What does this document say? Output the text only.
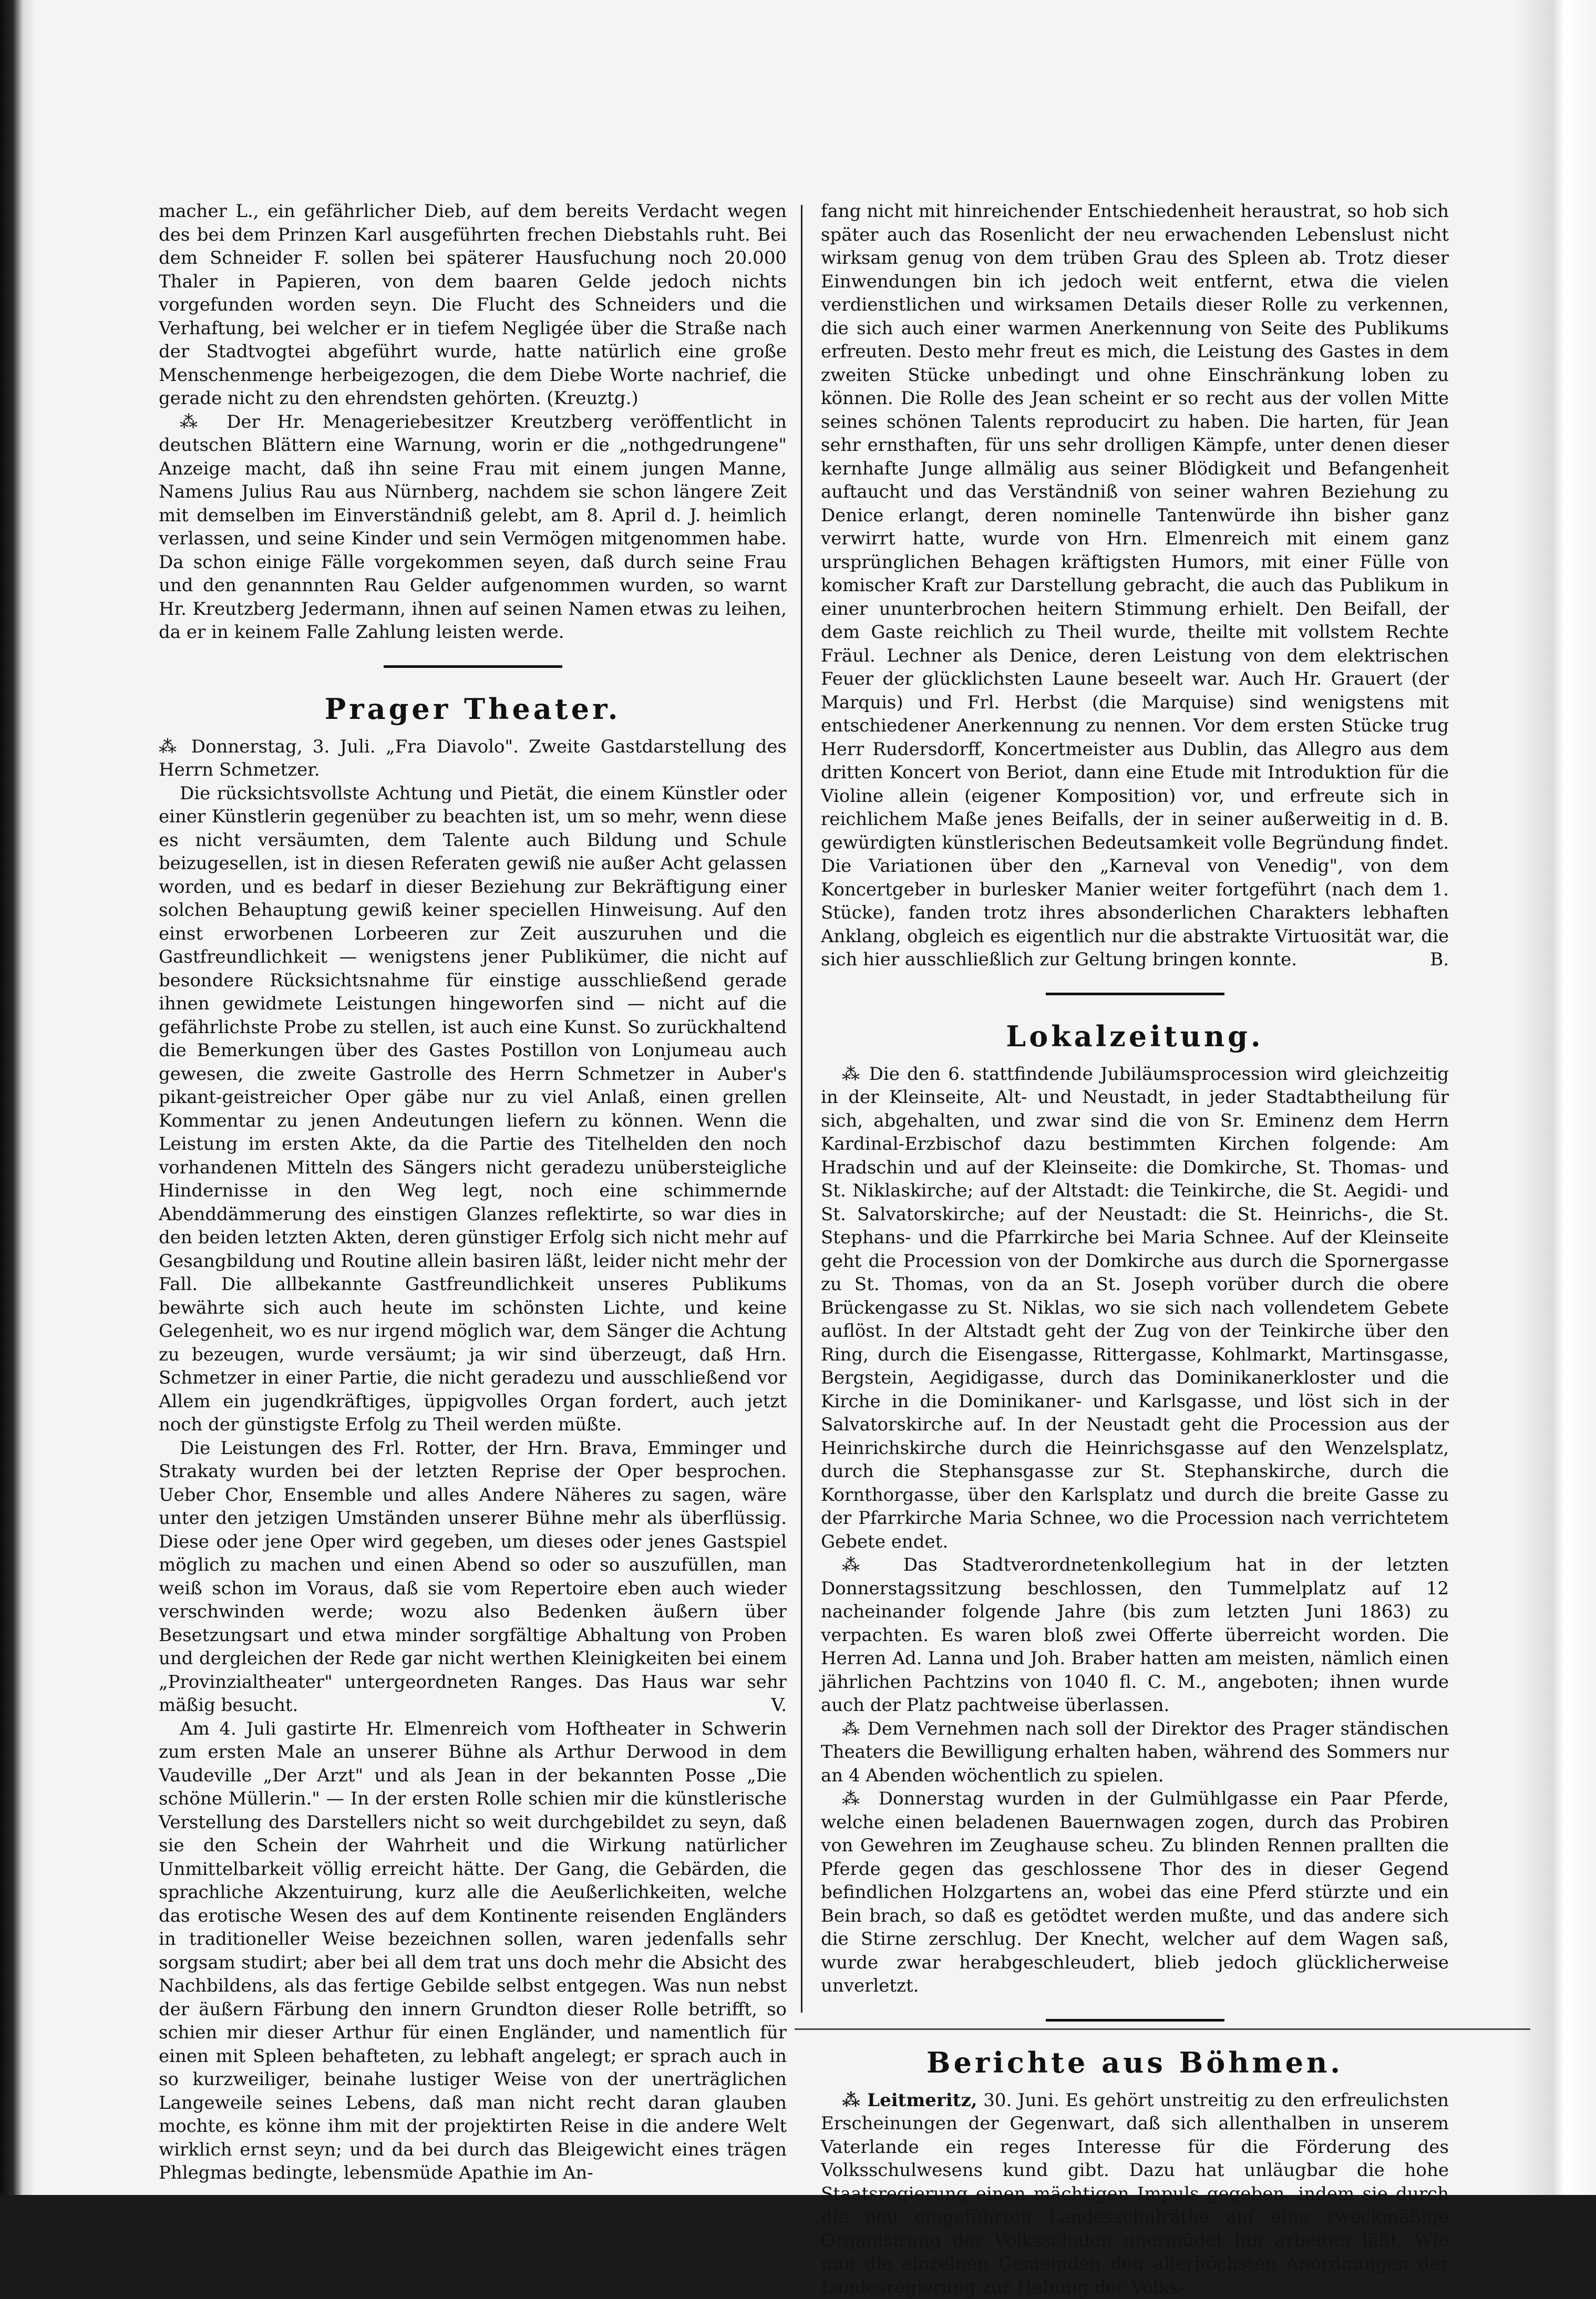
macher L., ein gefährlicher Dieb, auf dem bereits Verdacht wegen des bei dem Prinzen Karl ausgeführten frechen Diebstahls ruht. Bei dem Schneider F. sollen bei späterer Hausfuchung noch 20.000 Thaler in Papieren, von dem baaren Gelde jedoch nichts vorgefunden worden seyn. Die Flucht des Schneiders und die Verhaftung, bei welcher er in tiefem Negligée über die Straße nach der Stadtvogtei abgeführt wurde, hatte natürlich eine große Menschenmenge herbeigezogen, die dem Diebe Worte nachrief, die gerade nicht zu den ehrendsten gehörten. (Kreuztg.)

⁂ Der Hr. Menageriebesitzer Kreutzberg veröffentlicht in deutschen Blättern eine Warnung, worin er die „nothgedrungene" Anzeige macht, daß ihn seine Frau mit einem jungen Manne, Namens Julius Rau aus Nürnberg, nachdem sie schon längere Zeit mit demselben im Einverständniß gelebt, am 8. April d. J. heimlich verlassen, und seine Kinder und sein Vermögen mitgenommen habe. Da schon einige Fälle vorgekommen seyen, daß durch seine Frau und den genannnten Rau Gelder aufgenommen wurden, so warnt Hr. Kreutzberg Jedermann, ihnen auf seinen Namen etwas zu leihen, da er in keinem Falle Zahlung leisten werde.

Prager Theater.

⁂ Donnerstag, 3. Juli. „Fra Diavolo". Zweite Gastdarstellung des Herrn Schmetzer.

Die rücksichtsvollste Achtung und Pietät, die einem Künstler oder einer Künstlerin gegenüber zu beachten ist, um so mehr, wenn diese es nicht versäumten, dem Talente auch Bildung und Schule beizugesellen, ist in diesen Referaten gewiß nie außer Acht gelassen worden, und es bedarf in dieser Beziehung zur Bekräftigung einer solchen Behauptung gewiß keiner speciellen Hinweisung. Auf den einst erworbenen Lorbeeren zur Zeit auszuruhen und die Gastfreundlichkeit — wenigstens jener Publikümer, die nicht auf besondere Rücksichtsnahme für einstige ausschließend gerade ihnen gewidmete Leistungen hingeworfen sind — nicht auf die gefährlichste Probe zu stellen, ist auch eine Kunst. So zurückhaltend die Bemerkungen über des Gastes Postillon von Lonjumeau auch gewesen, die zweite Gastrolle des Herrn Schmetzer in Auber's pikant-geistreicher Oper gäbe nur zu viel Anlaß, einen grellen Kommentar zu jenen Andeutungen liefern zu können. Wenn die Leistung im ersten Akte, da die Partie des Titelhelden den noch vorhandenen Mitteln des Sängers nicht geradezu unübersteigliche Hindernisse in den Weg legt, noch eine schimmernde Abenddämmerung des einstigen Glanzes reflektirte, so war dies in den beiden letzten Akten, deren günstiger Erfolg sich nicht mehr auf Gesangbildung und Routine allein basiren läßt, leider nicht mehr der Fall. Die allbekannte Gastfreundlichkeit unseres Publikums bewährte sich auch heute im schönsten Lichte, und keine Gelegenheit, wo es nur irgend möglich war, dem Sänger die Achtung zu bezeugen, wurde versäumt; ja wir sind überzeugt, daß Hrn. Schmetzer in einer Partie, die nicht geradezu und ausschließend vor Allem ein jugendkräftiges, üppigvolles Organ fordert, auch jetzt noch der günstigste Erfolg zu Theil werden müßte.

Die Leistungen des Frl. Rotter, der Hrn. Brava, Emminger und Strakaty wurden bei der letzten Reprise der Oper besprochen. Ueber Chor, Ensemble und alles Andere Näheres zu sagen, wäre unter den jetzigen Umständen unserer Bühne mehr als überflüssig. Diese oder jene Oper wird gegeben, um dieses oder jenes Gastspiel möglich zu machen und einen Abend so oder so auszufüllen, man weiß schon im Voraus, daß sie vom Repertoire eben auch wieder verschwinden werde; wozu also Bedenken äußern über Besetzungsart und etwa minder sorgfältige Abhaltung von Proben und dergleichen der Rede gar nicht werthen Kleinigkeiten bei einem „Provinzialtheater" untergeordneten Ranges. Das Haus war sehr mäßig besucht.	V.

Am 4. Juli gastirte Hr. Elmenreich vom Hoftheater in Schwerin zum ersten Male an unserer Bühne als Arthur Derwood in dem Vaudeville „Der Arzt" und als Jean in der bekannten Posse „Die schöne Müllerin." — In der ersten Rolle schien mir die künstlerische Verstellung des Darstellers nicht so weit durchgebildet zu seyn, daß sie den Schein der Wahrheit und die Wirkung natürlicher Unmittelbarkeit völlig erreicht hätte. Der Gang, die Gebärden, die sprachliche Akzentuirung, kurz alle die Aeußerlichkeiten, welche das erotische Wesen des auf dem Kontinente reisenden Engländers in traditioneller Weise bezeichnen sollen, waren jedenfalls sehr sorgsam studirt; aber bei all dem trat uns doch mehr die Absicht des Nachbildens, als das fertige Gebilde selbst entgegen. Was nun nebst der äußern Färbung den innern Grundton dieser Rolle betrifft, so schien mir dieser Arthur für einen Engländer, und namentlich für einen mit Spleen behafteten, zu lebhaft angelegt; er sprach auch in so kurzweiliger, beinahe lustiger Weise von der unerträglichen Langeweile seines Lebens, daß man nicht recht daran glauben mochte, es könne ihm mit der projektirten Reise in die andere Welt wirklich ernst seyn; und da bei durch das Bleigewicht eines trägen Phlegmas bedingte, lebensmüde Apathie im An-

fang nicht mit hinreichender Entschiedenheit heraustrat, so hob sich später auch das Rosenlicht der neu erwachenden Lebenslust nicht wirksam genug von dem trüben Grau des Spleen ab. Trotz dieser Einwendungen bin ich jedoch weit entfernt, etwa die vielen verdienstlichen und wirksamen Details dieser Rolle zu verkennen, die sich auch einer warmen Anerkennung von Seite des Publikums erfreuten. Desto mehr freut es mich, die Leistung des Gastes in dem zweiten Stücke unbedingt und ohne Einschränkung loben zu können. Die Rolle des Jean scheint er so recht aus der vollen Mitte seines schönen Talents reproducirt zu haben. Die harten, für Jean sehr ernsthaften, für uns sehr drolligen Kämpfe, unter denen dieser kernhafte Junge allmälig aus seiner Blödigkeit und Befangenheit auftaucht und das Verständniß von seiner wahren Beziehung zu Denice erlangt, deren nominelle Tantenwürde ihn bisher ganz verwirrt hatte, wurde von Hrn. Elmenreich mit einem ganz ursprünglichen Behagen kräftigsten Humors, mit einer Fülle von komischer Kraft zur Darstellung gebracht, die auch das Publikum in einer ununterbrochen heitern Stimmung erhielt. Den Beifall, der dem Gaste reichlich zu Theil wurde, theilte mit vollstem Rechte Fräul. Lechner als Denice, deren Leistung von dem elektrischen Feuer der glücklichsten Laune beseelt war. Auch Hr. Grauert (der Marquis) und Frl. Herbst (die Marquise) sind wenigstens mit entschiedener Anerkennung zu nennen. Vor dem ersten Stücke trug Herr Rudersdorff, Koncertmeister aus Dublin, das Allegro aus dem dritten Koncert von Beriot, dann eine Etude mit Introduktion für die Violine allein (eigener Komposition) vor, und erfreute sich in reichlichem Maße jenes Beifalls, der in seiner außerweitig in d. B. gewürdigten künstlerischen Bedeutsamkeit volle Begründung findet. Die Variationen über den „Karneval von Venedig", von dem Koncertgeber in burlesker Manier weiter fortgeführt (nach dem 1. Stücke), fanden trotz ihres absonderlichen Charakters lebhaften Anklang, obgleich es eigentlich nur die abstrakte Virtuosität war, die sich hier ausschließlich zur Geltung bringen konnte.	B.

Lokalzeitung.

⁂ Die den 6. stattfindende Jubiläumsprocession wird gleichzeitig in der Kleinseite, Alt- und Neustadt, in jeder Stadtabtheilung für sich, abgehalten, und zwar sind die von Sr. Eminenz dem Herrn Kardinal-Erzbischof dazu bestimmten Kirchen folgende: Am Hradschin und auf der Kleinseite: die Domkirche, St. Thomas- und St. Niklaskirche; auf der Altstadt: die Teinkirche, die St. Aegidi- und St. Salvatorskirche; auf der Neustadt: die St. Heinrichs-, die St. Stephans- und die Pfarrkirche bei Maria Schnee. Auf der Kleinseite geht die Procession von der Domkirche aus durch die Spornergasse zu St. Thomas, von da an St. Joseph vorüber durch die obere Brückengasse zu St. Niklas, wo sie sich nach vollendetem Gebete auflöst. In der Altstadt geht der Zug von der Teinkirche über den Ring, durch die Eisengasse, Rittergasse, Kohlmarkt, Martinsgasse, Bergstein, Aegidigasse, durch das Dominikanerkloster und die Kirche in die Dominikaner- und Karlsgasse, und löst sich in der Salvatorskirche auf. In der Neustadt geht die Procession aus der Heinrichskirche durch die Heinrichsgasse auf den Wenzelsplatz, durch die Stephansgasse zur St. Stephanskirche, durch die Kornthorgasse, über den Karlsplatz und durch die breite Gasse zu der Pfarrkirche Maria Schnee, wo die Procession nach verrichtetem Gebete endet.

⁂ Das Stadtverordnetenkollegium hat in der letzten Donnerstagssitzung beschlossen, den Tummelplatz auf 12 nacheinander folgende Jahre (bis zum letzten Juni 1863) zu verpachten. Es waren bloß zwei Offerte überreicht worden. Die Herren Ad. Lanna und Joh. Braber hatten am meisten, nämlich einen jährlichen Pachtzins von 1040 fl. C. M., angeboten; ihnen wurde auch der Platz pachtweise überlassen.

⁂ Dem Vernehmen nach soll der Direktor des Prager ständischen Theaters die Bewilligung erhalten haben, während des Sommers nur an 4 Abenden wöchentlich zu spielen.

⁂ Donnerstag wurden in der Gulmühlgasse ein Paar Pferde, welche einen beladenen Bauernwagen zogen, durch das Probiren von Gewehren im Zeughause scheu. Zu blinden Rennen prallten die Pferde gegen das geschlossene Thor des in dieser Gegend befindlichen Holzgartens an, wobei das eine Pferd stürzte und ein Bein brach, so daß es getödtet werden mußte, und das andere sich die Stirne zerschlug. Der Knecht, welcher auf dem Wagen saß, wurde zwar herabgeschleudert, blieb jedoch glücklicherweise unverletzt.

Berichte aus Böhmen.

⁂ Leitmeritz, 30. Juni. Es gehört unstreitig zu den erfreulichsten Erscheinungen der Gegenwart, daß sich allenthalben in unserem Vaterlande ein reges Interesse für die Förderung des Volksschulwesens kund gibt. Dazu hat unläugbar die hohe Staatsregierung einen mächtigen Impuls gegeben, indem sie durch die neu eingeführten Landesschulräthe auf eine zweckmäßige Organisirung der Volksschulen unermüdet hin arbeiten läßt. Wie nun die einzelnen Gemeinden den allerhöchsten Anordnungen der Landesregierung zur Hebung der Volks-
